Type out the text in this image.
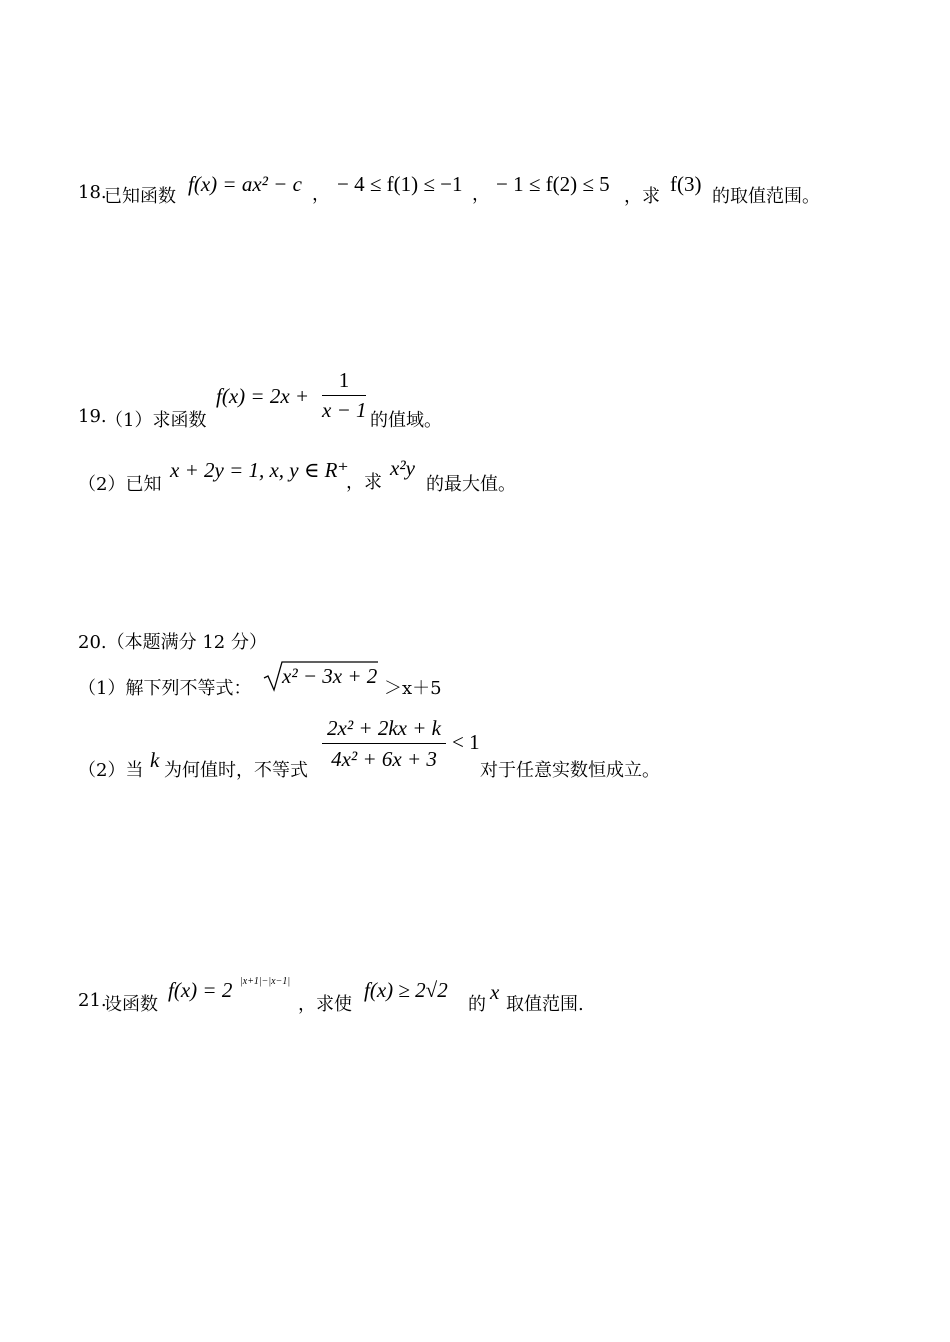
18.
已知函数
f(x) = ax² − c ， − 4 ≤ f(1) ≤ −1 ， − 1 ≤ f(2) ≤ 5
，求
f(3)
的取值范围。
19.
（1）求函数
f(x) = 2x +
1
x − 1 的值域。
（2）已知
x + 2y = 1, x, y ∈ R⁺
，求
x²y
的最大值。
20.（本题满分 12 分）
（1）解下列不等式：
x² − 3x + 2
＞x＋5
（2）当 k 为何值时，不等式
2x² + 2kx + k
4x² + 6x + 3
< 1
对于任意实数恒成立。
21.
设函数
f(x) = 2 |x+1|−|x−1|
，求使
f(x) ≥ 2√2
的
x
取值范围.
